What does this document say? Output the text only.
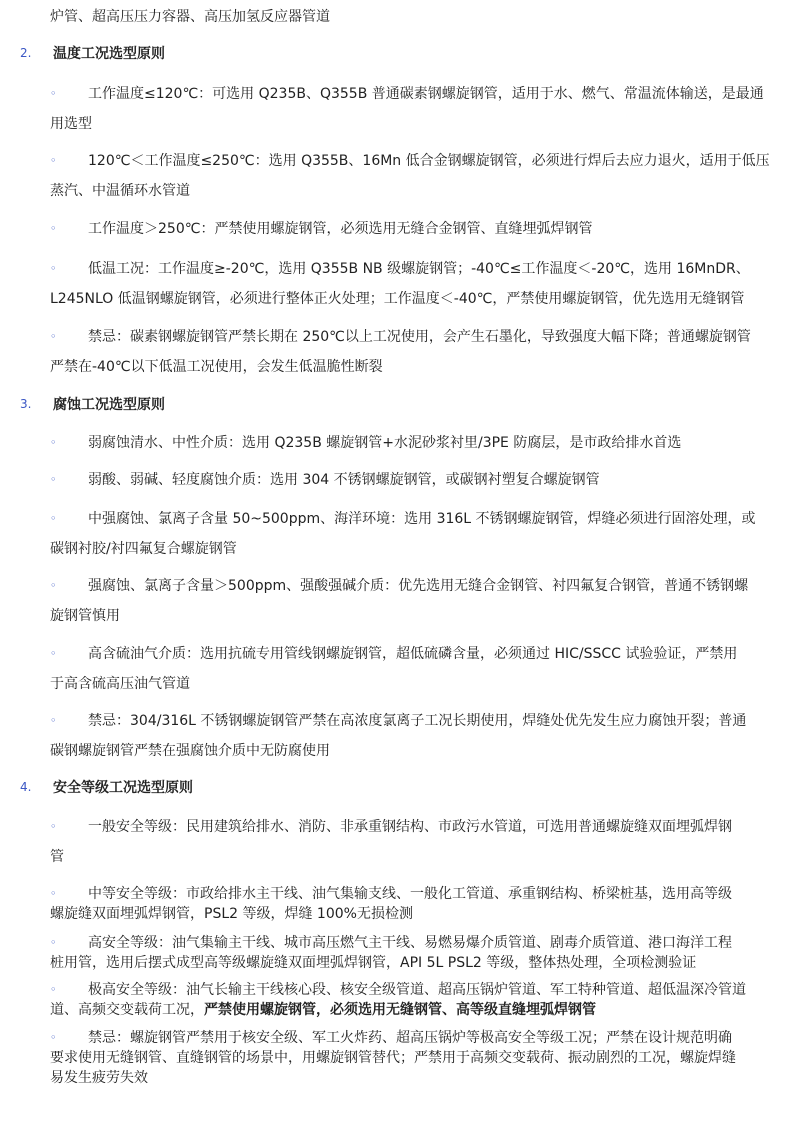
炉管、超高压压力容器、高压加氢反应器管道
2. 温度工况选型原则
◦ 工作温度≤120℃：可选用 Q235B、Q355B 普通碳素钢螺旋钢管，适用于水、燃气、常温流体输送，是最通
用选型
◦ 120℃＜工作温度≤250℃：选用 Q355B、16Mn 低合金钢螺旋钢管，必须进行焊后去应力退火，适用于低压
蒸汽、中温循环水管道
◦ 工作温度＞250℃：严禁使用螺旋钢管，必须选用无缝合金钢管、直缝埋弧焊钢管
◦ 低温工况：工作温度≥-20℃，选用 Q355B NB 级螺旋钢管；-40℃≤工作温度＜-20℃，选用 16MnDR、
L245NLO 低温钢螺旋钢管，必须进行整体正火处理；工作温度＜-40℃，严禁使用螺旋钢管，优先选用无缝钢管
◦ 禁忌：碳素钢螺旋钢管严禁长期在 250℃以上工况使用，会产生石墨化，导致强度大幅下降；普通螺旋钢管
严禁在-40℃以下低温工况使用，会发生低温脆性断裂
3. 腐蚀工况选型原则
◦ 弱腐蚀清水、中性介质：选用 Q235B 螺旋钢管+水泥砂浆衬里/3PE 防腐层，是市政给排水首选
◦ 弱酸、弱碱、轻度腐蚀介质：选用 304 不锈钢螺旋钢管，或碳钢衬塑复合螺旋钢管
◦ 中强腐蚀、氯离子含量 50~500ppm、海洋环境：选用 316L 不锈钢螺旋钢管，焊缝必须进行固溶处理，或
碳钢衬胶/衬四氟复合螺旋钢管
◦ 强腐蚀、氯离子含量＞500ppm、强酸强碱介质：优先选用无缝合金钢管、衬四氟复合钢管，普通不锈钢螺
旋钢管慎用
◦ 高含硫油气介质：选用抗硫专用管线钢螺旋钢管，超低硫磷含量，必须通过 HIC/SSCC 试验验证，严禁用
于高含硫高压油气管道
◦ 禁忌：304/316L 不锈钢螺旋钢管严禁在高浓度氯离子工况长期使用，焊缝处优先发生应力腐蚀开裂；普通
碳钢螺旋钢管严禁在强腐蚀介质中无防腐使用
4. 安全等级工况选型原则
◦ 一般安全等级：民用建筑给排水、消防、非承重钢结构、市政污水管道，可选用普通螺旋缝双面埋弧焊钢
管
◦ 中等安全等级：市政给排水主干线、油气集输支线、一般化工管道、承重钢结构、桥梁桩基，选用高等级
螺旋缝双面埋弧焊钢管，PSL2 等级，焊缝 100%无损检测
◦ 高安全等级：油气集输主干线、城市高压燃气主干线、易燃易爆介质管道、剧毒介质管道、港口海洋工程
桩用管，选用后摆式成型高等级螺旋缝双面埋弧焊钢管，API 5L PSL2 等级，整体热处理，全项检测验证
◦ 极高安全等级：油气长输主干线核心段、核安全级管道、超高压锅炉管道、军工特种管道、超低温深冷管道
道、高频交变载荷工况，严禁使用螺旋钢管，必须选用无缝钢管、高等级直缝埋弧焊钢管
◦ 禁忌：螺旋钢管严禁用于核安全级、军工火炸药、超高压锅炉等极高安全等级工况；严禁在设计规范明确
要求使用无缝钢管、直缝钢管的场景中，用螺旋钢管替代；严禁用于高频交变载荷、振动剧烈的工况，螺旋焊缝
易发生疲劳失效
